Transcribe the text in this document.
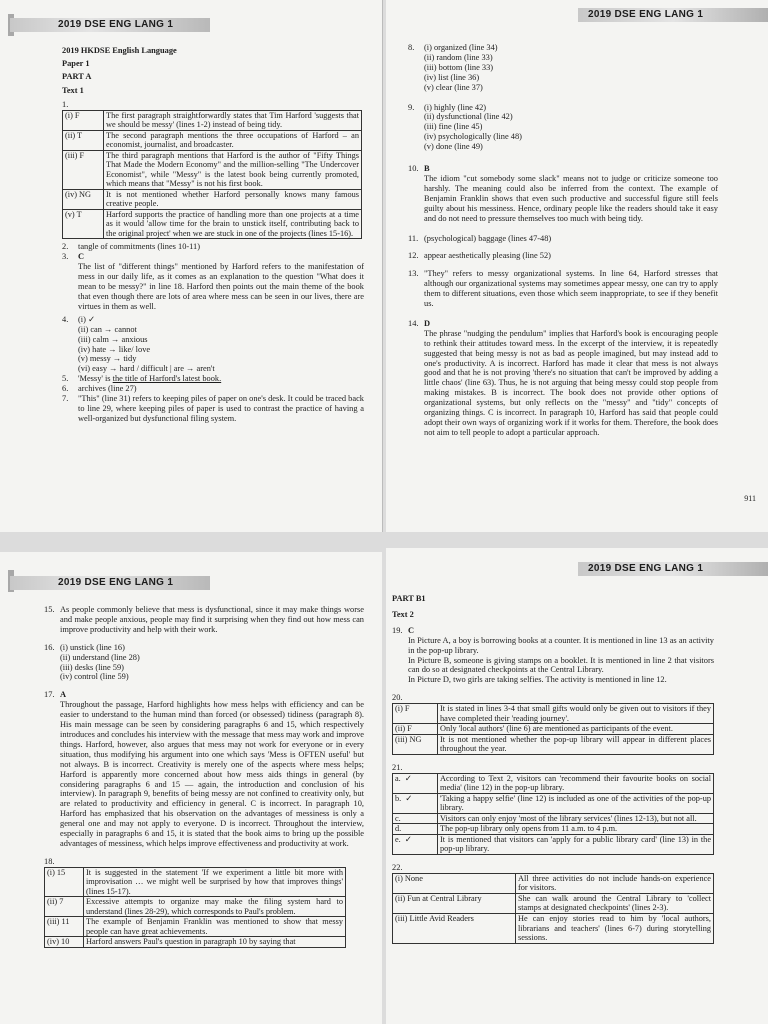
2019 DSE ENG LANG 1
2019 HKDSE English Language
Paper 1
PART A
Text 1
1.
(i) F	The first paragraph straightforwardly states that Tim Harford 'suggests that we should be messy' (lines 1-2) instead of being tidy.
(ii) T	The second paragraph mentions the three occupations of Harford – an economist, journalist, and broadcaster.
(iii) F	The third paragraph mentions that Harford is the author of "Fifty Things That Made the Modern Economy" and the million-selling "The Undercover Economist", while "Messy" is the latest book being currently promoted, which means that "Messy" is not his first book.
(iv) NG	It is not mentioned whether Harford personally knows many famous creative people.
(v) T	Harford supports the practice of handling more than one projects at a time as it would 'allow time for the brain to unstick itself, contributing back to the original project' when we are stuck in one of the projects (lines 15-16).
2.	tangle of commitments (lines 10-11)
3.	C
The list of "different things" mentioned by Harford refers to the manifestation of mess in our daily life, as it comes as an explanation to the question "What does it mean to be messy?" in line 18. Harford then points out the main theme of the book that even though there are lots of area where mess can be seen in our lives, there are virtues in them as well.
4.	(i) ✓
(ii) can → cannot
(iii) calm → anxious
(iv) hate → like/ love
(v) messy → tidy
(vi) easy → hard / difficult | are → aren't
5.	'Messy' is the title of Harford's latest book.
6.	archives (line 27)
7.	"This" (line 31) refers to keeping piles of paper on one's desk. It could be traced back to line 29, where keeping piles of paper is used to contrast the practice of having a well-organized but dysfunctional filing system.
2019 DSE ENG LANG 1
8.	(i) organized (line 34)
(ii) random (line 33)
(iii) bottom (line 33)
(iv) list (line 36)
(v) clear (line 37)
9.	(i) highly (line 42)
(ii) dysfunctional (line 42)
(iii) fine (line 45)
(iv) psychologically (line 48)
(v) done (line 49)
10. B
The idiom "cut somebody some slack" means not to judge or criticize someone too harshly. The meaning could also be inferred from the context. The example of Benjamin Franklin shows that even such productive and successful figure still feels guilty about his messiness. Hence, ordinary people like the readers should take it easy and do not need to pressure themselves too much with being tidy.
11. (psychological) baggage (lines 47-48)
12. appear aesthetically pleasing (line 52)
13. "They" refers to messy organizational systems. In line 64, Harford stresses that although our organizational systems may sometimes appear messy, one can try to apply them to different situations, even those which seem inappropriate, to see if they benefit us.
14. D
The phrase "nudging the pendulum" implies that Harford's book is encouraging people to rethink their attitudes toward mess. In the excerpt of the interview, it is repeatedly suggested that being messy is not as bad as people imagined, but may instead add to one's productivity. A is incorrect. Harford has made it clear that mess is not always good and that he is not proving 'there's no situation that can't be improved by adding a little chaos' (line 63). Thus, he is not arguing that being messy could stop people from making mistakes. B is incorrect. The book does not provide other options of organizational systems, but only reflects on the "messy" and "tidy" concepts of organizing things. C is incorrect. In paragraph 10, Harford has said that people could adopt their own ways of organizing work if it works for them. Therefore, the book does not aim to tell people to adopt a particular approach.
911
2019 DSE ENG LANG 1
15. As people commonly believe that mess is dysfunctional, since it may make things worse and make people anxious, people may find it surprising when they find out how mess can improve productivity and help with their work.
16. (i) unstick (line 16)
(ii) understand (line 28)
(iii) desks (line 59)
(iv) control (line 59)
17. A
Throughout the passage, Harford highlights how mess helps with efficiency and can be easier to understand to the human mind than forced (or obsessed) tidiness (paragraph 8). His main message can be seen by considering paragraphs 6 and 15, which respectively introduces and concludes his interview with the message that mess may work and improve things. Harford, however, also argues that mess may not work for everyone or in every situation, thus modifying his argument into one which says 'Mess is OFTEN useful' but not always. B is incorrect. Creativity is merely one of the aspects where mess helps; Harford is apparently more concerned about how mess aids things in general (by considering paragraphs 6 and 15 — again, the introduction and conclusion of his interview). In paragraph 9, benefits of being messy are not confined to creativity only, but are related to productivity and efficiency in general. C is incorrect. In paragraph 10, Harford has emphasized that his observation on the advantages of messiness is only a general one and may not apply to everyone. D is incorrect. Throughout the interview, especially in paragraphs 6 and 15, it is stated that the book aims to bring up the possible advantages of messiness, which helps improve effectiveness and productivity at work.
18.
(i) 15	It is suggested in the statement 'If we experiment a little bit more with improvisation … we might well be surprised by how that improves things' (lines 15-17).
(ii) 7	Excessive attempts to organize may make the filing system hard to understand (lines 28-29), which corresponds to Paul's problem.
(iii) 11	The example of Benjamin Franklin was mentioned to show that messy people can have great achievements.
(iv) 10	Harford answers Paul's question in paragraph 10 by saying that
2019 DSE ENG LANG 1
PART B1
Text 2
19. C
In Picture A, a boy is borrowing books at a counter. It is mentioned in line 13 as an activity in the pop-up library.
In Picture B, someone is giving stamps on a booklet. It is mentioned in line 2 that visitors can do so at designated checkpoints at the Central Library.
In Picture D, two girls are taking selfies. The activity is mentioned in line 12.
20.
(i) F	It is stated in lines 3-4 that small gifts would only be given out to visitors if they have completed their 'reading journey'.
(ii) F	Only 'local authors' (line 6) are mentioned as participants of the event.
(iii) NG	It is not mentioned whether the pop-up library will appear in different places throughout the year.
21.
a. ✓	According to Text 2, visitors can 'recommend their favourite books on social media' (line 12) in the pop-up library.
b. ✓	'Taking a happy selfie' (line 12) is included as one of the activities of the pop-up library.
c.	Visitors can only enjoy 'most of the library services' (lines 12-13), but not all.
d.	The pop-up library only opens from 11 a.m. to 4 p.m.
e. ✓	It is mentioned that visitors can 'apply for a public library card' (line 13) in the pop-up library.
22.
(i) None	All three activities do not include hands-on experience for visitors.
(ii) Fun at Central Library	She can walk around the Central Library to 'collect stamps at designated checkpoints' (lines 2-3).
(iii) Little Avid Readers	He can enjoy stories read to him by 'local authors, librarians and teachers' (lines 6-7) during storytelling sessions.
